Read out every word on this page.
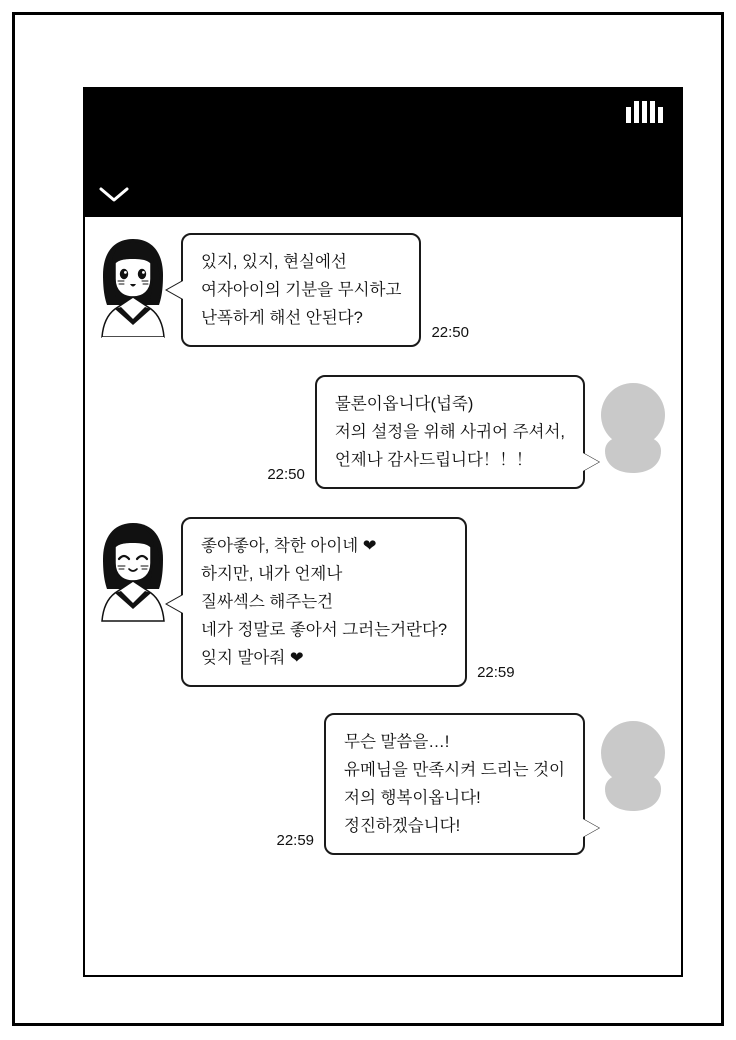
있지, 있지, 현실에선

여자아이의 기분을 무시하고

난폭하게 해선 안된다?

22:50
22:50

물론이옵니다(넙죽)

저의 설정을 위해 사귀어 주셔서,

언제나 감사드립니다！！！

좋아좋아, 착한 아이네 ❤

하지만, 내가 언제나

질싸섹스 해주는건

네가 정말로 좋아서 그러는거란다?

잊지 말아줘 ❤

22:59
22:59

무슨 말씀을…!

유메님을 만족시켜 드리는 것이

저의 행복이옵니다!

정진하겠습니다!
